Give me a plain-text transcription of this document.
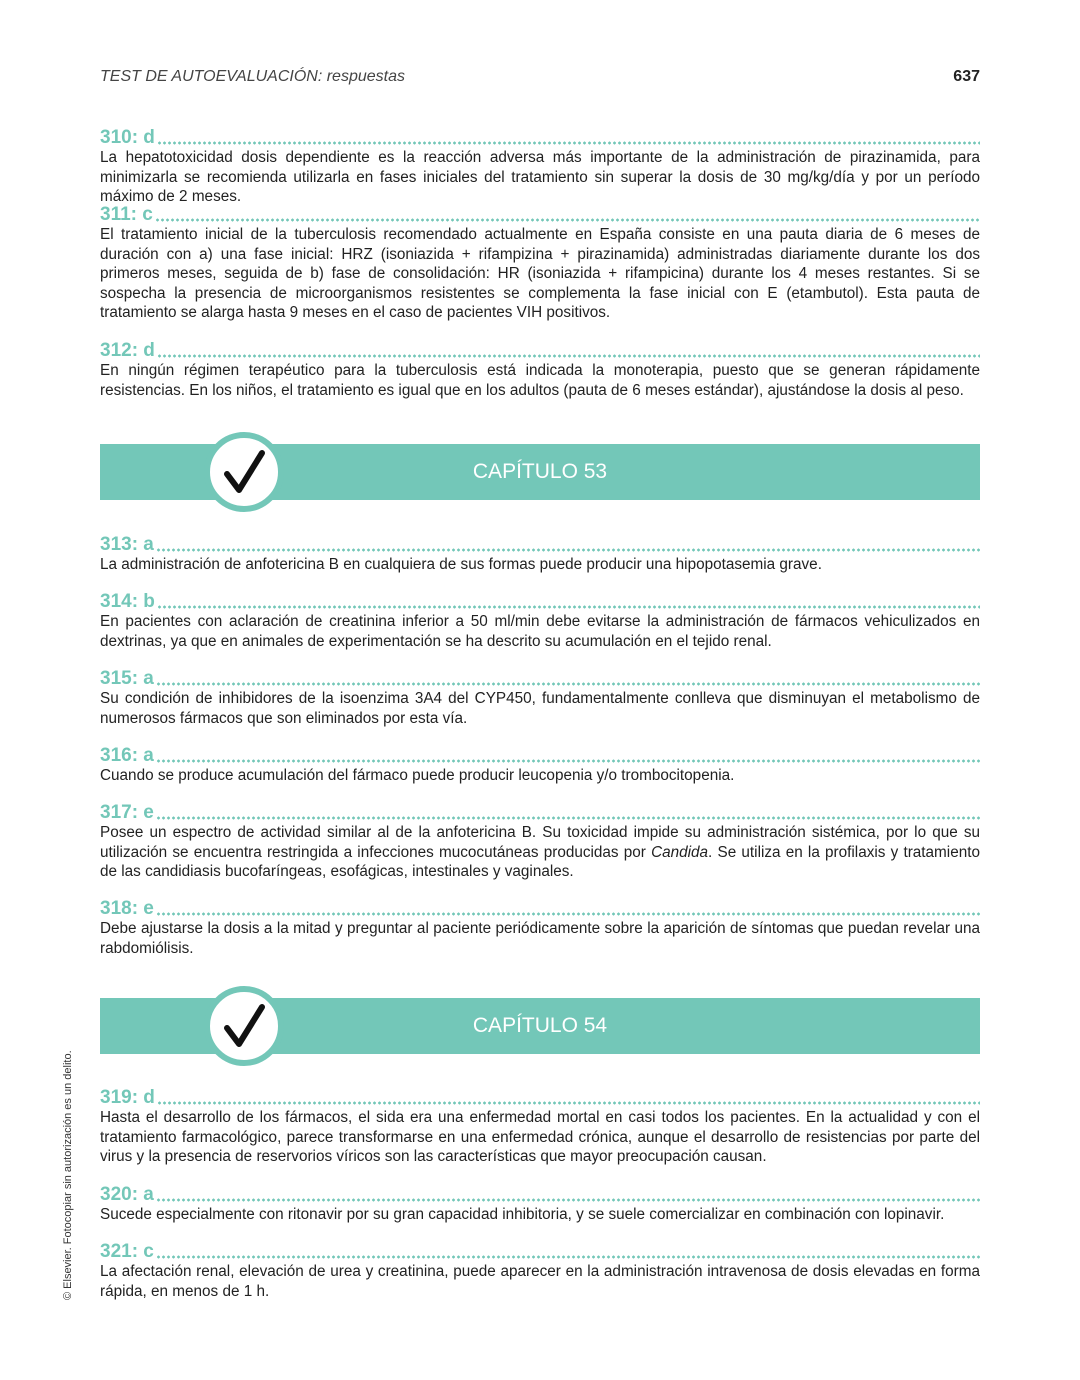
TEST DE AUTOEVALUACIÓN: respuestas	637
© Elsevier. Fotocopiar sin autorización es un delito.
310: d
La hepatotoxicidad dosis dependiente es la reacción adversa más importante de la administración de pirazinamida, para minimizarla se recomienda utilizarla en fases iniciales del tratamiento sin superar la dosis de 30 mg/kg/día y por un período máximo de 2 meses.
311: c
El tratamiento inicial de la tuberculosis recomendado actualmente en España consiste en una pauta diaria de 6 meses de duración con a) una fase inicial: HRZ (isoniazida + rifampizina + pirazinamida) administradas diariamente durante los dos primeros meses, seguida de b) fase de consolidación: HR (isoniazida + rifampicina) durante los 4 meses restantes. Si se sospecha la presencia de microorganismos resistentes se complementa la fase inicial con E (etambutol). Esta pauta de tratamiento se alarga hasta 9 meses en el caso de pacientes VIH positivos.
312: d
En ningún régimen terapéutico para la tuberculosis está indicada la monoterapia, puesto que se generan rápidamente resistencias. En los niños, el tratamiento es igual que en los adultos (pauta de 6 meses estándar), ajustándose la dosis al peso.
CAPÍTULO 53
313: a
La administración de anfotericina B en cualquiera de sus formas puede producir una hipopotasemia grave.
314: b
En pacientes con aclaración de creatinina inferior a 50 ml/min debe evitarse la administración de fármacos vehiculizados en dextrinas, ya que en animales de experimentación se ha descrito su acumulación en el tejido renal.
315: a
Su condición de inhibidores de la isoenzima 3A4 del CYP450, fundamentalmente conlleva que disminuyan el metabolismo de numerosos fármacos que son eliminados por esta vía.
316: a
Cuando se produce acumulación del fármaco puede producir leucopenia y/o trombocitopenia.
317: e
Posee un espectro de actividad similar al de la anfotericina B. Su toxicidad impide su administración sistémica, por lo que su utilización se encuentra restringida a infecciones mucocutáneas producidas por Candida. Se utiliza en la profilaxis y tratamiento de las candidiasis bucofaríngeas, esofágicas, intestinales y vaginales.
318: e
Debe ajustarse la dosis a la mitad y preguntar al paciente periódicamente sobre la aparición de síntomas que puedan revelar una rabdomiólisis.
CAPÍTULO 54
319: d
Hasta el desarrollo de los fármacos, el sida era una enfermedad mortal en casi todos los pacientes. En la actualidad y con el tratamiento farmacológico, parece transformarse en una enfermedad crónica, aunque el desarrollo de resistencias por parte del virus y la presencia de reservorios víricos son las características que mayor preocupación causan.
320: a
Sucede especialmente con ritonavir por su gran capacidad inhibitoria, y se suele comercializar en combinación con lopinavir.
321: c
La afectación renal, elevación de urea y creatinina, puede aparecer en la administración intravenosa de dosis elevadas en forma rápida, en menos de 1 h.
